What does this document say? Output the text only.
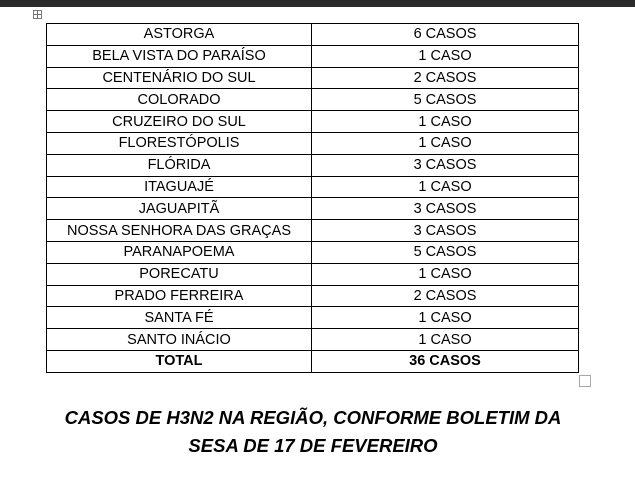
ASTORGA	6 CASOS
BELA VISTA DO PARAÍSO	1 CASO
CENTENÁRIO DO SUL	2 CASOS
COLORADO	5 CASOS
CRUZEIRO DO SUL	1 CASO
FLORESTÓPOLIS	1 CASO
FLÓRIDA	3 CASOS
ITAGUAJÉ	1 CASO
JAGUAPITÃ	3 CASOS
NOSSA SENHORA DAS GRAÇAS	3 CASOS
PARANAPOEMA	5 CASOS
PORECATU	1 CASO
PRADO FERREIRA	2 CASOS
SANTA FÉ	1 CASO
SANTO INÁCIO	1 CASO
TOTAL	36 CASOS
CASOS DE H3N2 NA REGIÃO, CONFORME BOLETIM DA
SESA DE 17 DE FEVEREIRO
